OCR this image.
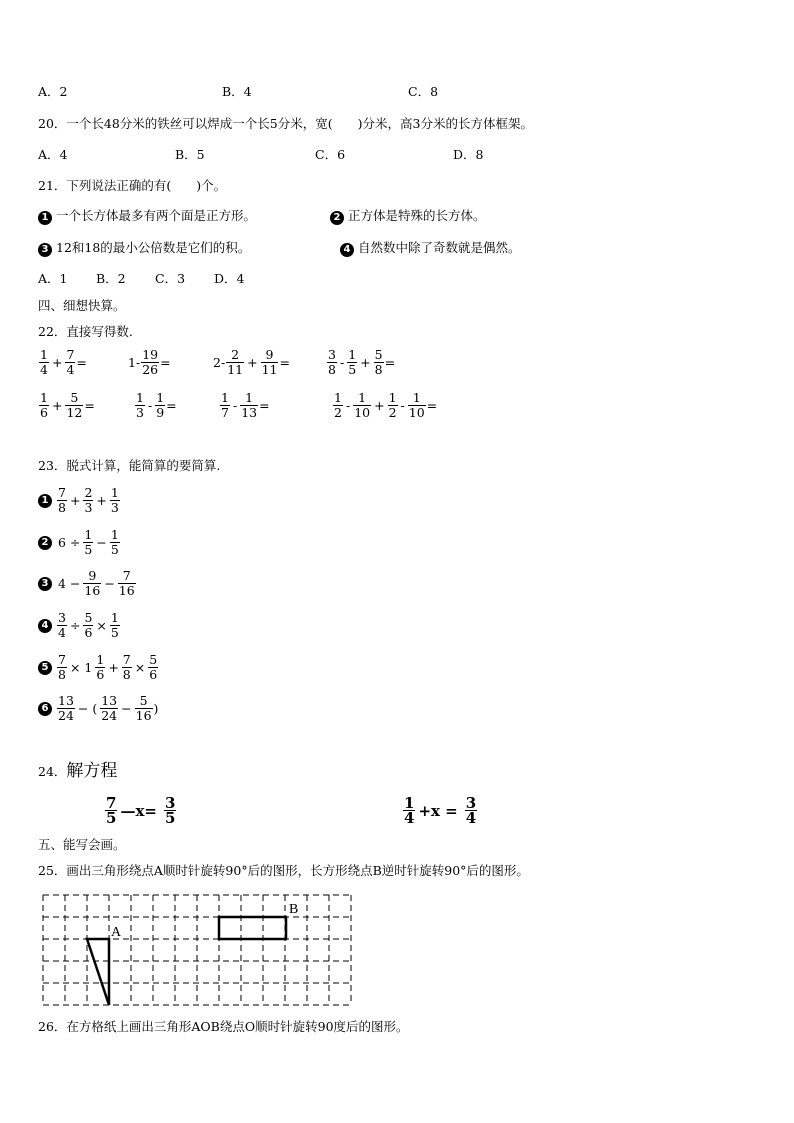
A．2	B．4	C．8
20．一个长48分米的铁丝可以焊成一个长5分米，宽(　　)分米，高3分米的长方体框架。
A．4	B．5	C．6	D．8
21．下列说法正确的有(　　)个。
1 一个长方体最多有两个面是正方形。	2 正方体是特殊的长方体。
3 12和18的最小公倍数是它们的积。	4 自然数中除了奇数就是偶然。
A．1 B．2 C．3 D．4
四、细想快算。
22．直接写得数.
$\frac{1}{4} + \frac{7}{4}$ =	$1- \frac{19}{26}$ =	$2- \frac{2}{11} + \frac{9}{11}$ =	$\frac{3}{8} - \frac{1}{5} + \frac{5}{8}$ =
$\frac{1}{6} + \frac{5}{12}$ =	$\frac{1}{3} - \frac{1}{9}$ =	$\frac{1}{7} - \frac{1}{13}$ =	$\frac{1}{2} - \frac{1}{10} + \frac{1}{2} - \frac{1}{10}$ =
23．脱式计算，能简算的要简算.
$1 \frac{7}{8} + \frac{2}{3} + \frac{1}{3}$
2 $6 \div \frac{1}{5} - \frac{1}{5}$
3 $4 - \frac{9}{16} - \frac{7}{16}$
$4 \frac{3}{4} \div \frac{5}{6} \times \frac{1}{5}$
$5 \frac{7}{8} \times 1 \frac{1}{6} + \frac{7}{8} \times \frac{5}{6}$
$6 \frac{13}{24}$ − ( $\frac{13}{24} - \frac{5}{16}$ )
24．解方程
$\frac{7}{5}$ —x= $\frac{3}{5}$	$\frac{1}{4} +x = \frac{3}{4}$
五、能写会画。
25．画出三角形绕点A顺时针旋转90°后的图形，长方形绕点B逆时针旋转90°后的图形。
A
B
26．在方格纸上画出三角形AOB绕点O顺时针旋转90度后的图形。
